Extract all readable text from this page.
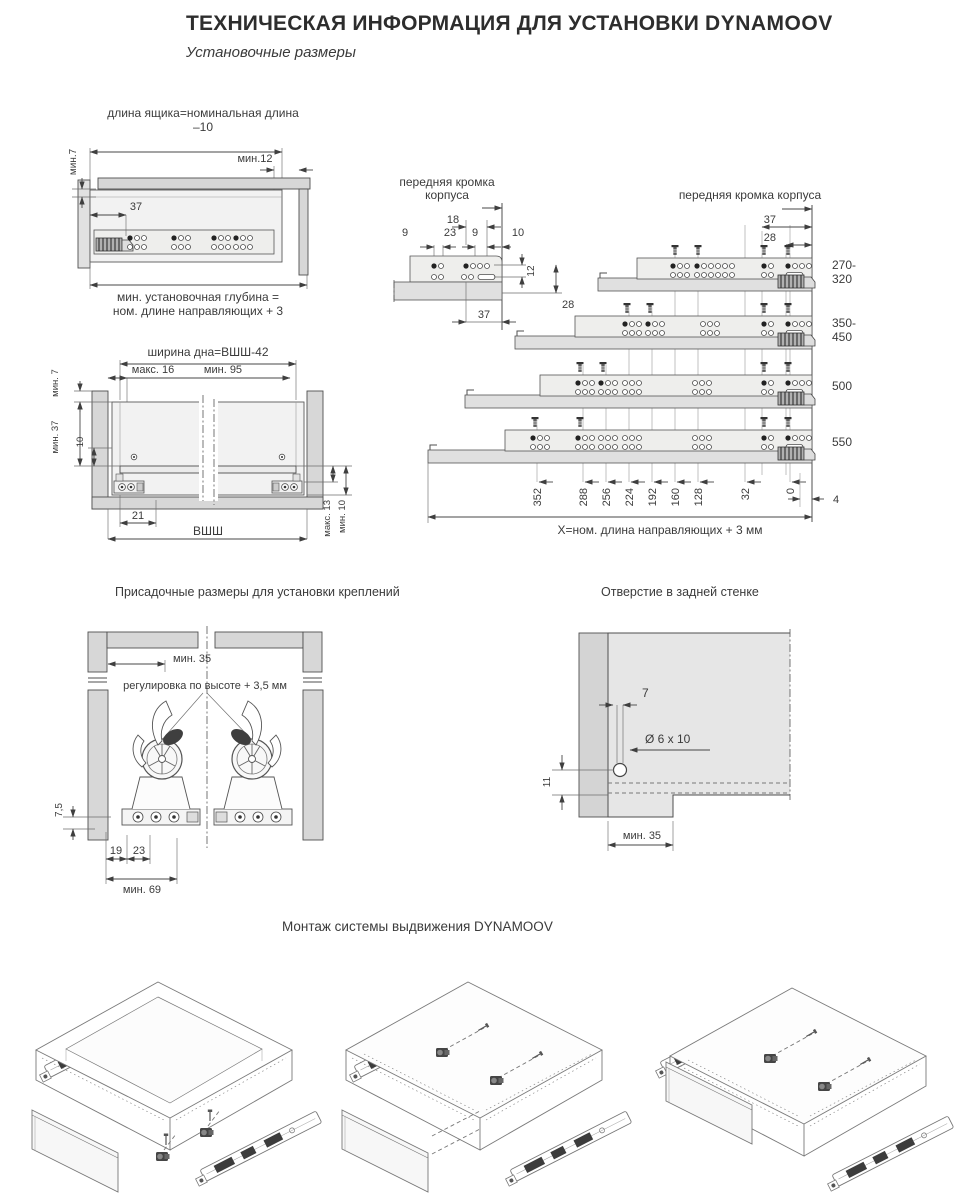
ТЕХНИЧЕСКАЯ ИНФОРМАЦИЯ ДЛЯ УСТАНОВКИ DYNAMOOV
Установочные размеры
длина ящика=номинальная длина
–10
мин.12
37
мин.7
мин. установочная глубина =
ном. длине направляющих + 3
передняя кромка
корпуса
18
9	23 9	10
12
28
37
передняя кромка корпуса
37
28
270-
320
350-
450
500
550
352	288 256 224 192 160 128	32	0
4
X=ном. длина направляющих + 3 мм
ширина дна=ВШШ-42
макс. 16	мин. 95
мин. 7
мин. 37 10
21
ВШШ	макс. 13 мин. 10
Присадочные размеры для установки креплений	Отверстие в задней стенке
мин. 35
регулировка по высоте + 3,5 мм
7,5
19 23
мин. 69
7
Ø 6 x 10
11
мин. 35
Монтаж системы выдвижения DYNAMOOV
